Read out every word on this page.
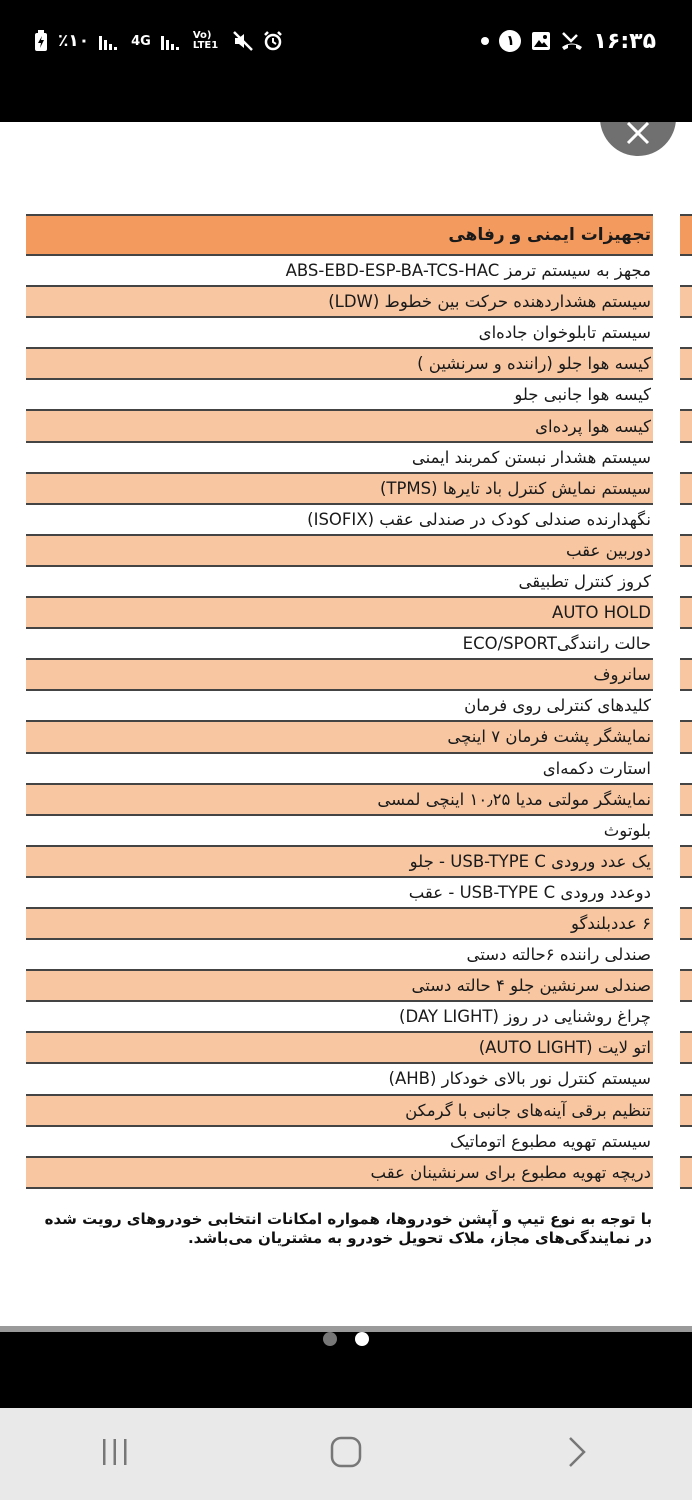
٪۱۰	4G	Vo) LTE1	۱	۱۶:۳۵
تجهیزات ایمنی و رفاهی
مجهز به سیستم ترمز ABS-EBD-ESP-BA-TCS-HAC
سیستم هشداردهنده حرکت بین خطوط (LDW)
سیستم تابلوخوان جاده‌ای
کیسه هوا جلو (راننده و سرنشین )
کیسه هوا جانبی جلو
کیسه هوا پرده‌ای
سیستم هشدار نبستن کمربند ایمنی
سیستم نمایش کنترل باد تایرها (TPMS)
نگهدارنده صندلی کودک در صندلی عقب (ISOFIX)
دوربین عقب
کروز کنترل تطبیقی
AUTO HOLD
حالت رانندگیECO/SPORT
سانروف
کلیدهای کنترلی روی فرمان
نمایشگر پشت فرمان ۷ اینچی
استارت دکمه‌ای
نمایشگر مولتی مدیا ۱۰٫۲۵ اینچی لمسی
بلوتوث
یک عدد ورودی USB-TYPE C - جلو
دوعدد ورودی USB-TYPE C - عقب
۶ عددبلندگو
صندلی راننده ۶حالته دستی
صندلی سرنشین جلو ۴ حالته دستی
چراغ روشنایی در روز (DAY LIGHT)
اتو لایت (AUTO LIGHT)
سیستم کنترل نور بالای خودکار (AHB)
تنظیم برقی آینه‌های جانبی با گرمکن
سیستم تهویه مطبوع اتوماتیک
دریچه تهویه مطبوع برای سرنشینان عقب
با توجه به نوع تیپ و آپشن خودروها، همواره امکانات انتخابی خودروهای رویت شده در نمایندگی‌های مجاز، ملاک تحویل خودرو به مشتریان می‌باشد.
